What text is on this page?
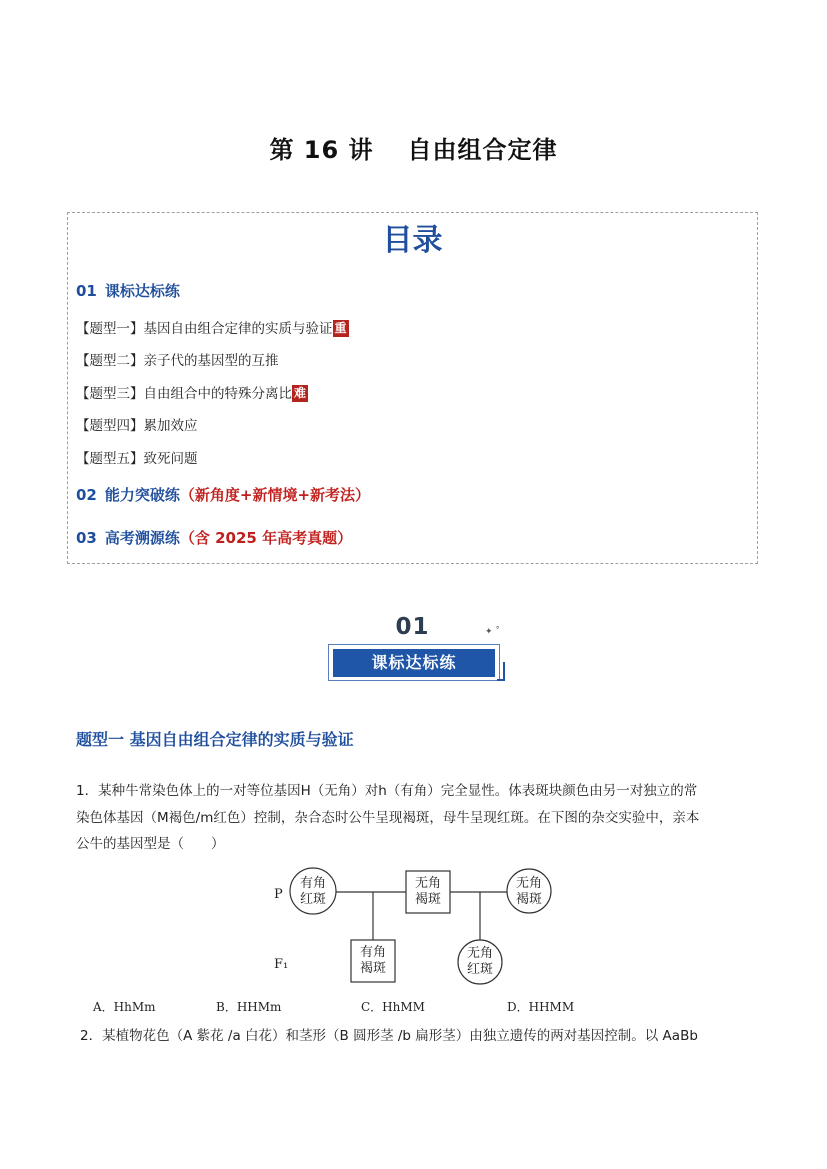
第 16 讲 自由组合定律
目录
01 课标达标练
【题型一】基因自由组合定律的实质与验证 重
【题型二】亲子代的基因型的互推
【题型三】自由组合中的特殊分离比 难
【题型四】累加效应
【题型五】致死问题
02 能力突破练（新角度+新情境+新考法）
03 高考溯源练（含 2025 年高考真题）
01	✦ ˚
课标达标练
题型一 基因自由组合定律的实质与验证
1．某种牛常染色体上的一对等位基因H（无角）对h（有角）完全显性。体表斑块颜色由另一对独立的常
染色体基因（M褐色/m红色）控制，杂合态时公牛呈现褐斑，母牛呈现红斑。在下图的杂交实验中，亲本
公牛的基因型是（　　）
P
有角
红斑
无角
褐斑
无角
褐斑
F₁
有角
褐斑
无角
红斑
A．HhMm	B．HHMm	C．HhMM	D．HHMM
2．某植物花色（A 紫花 /a 白花）和茎形（B 圆形茎 /b 扁形茎）由独立遗传的两对基因控制。以 AaBb
